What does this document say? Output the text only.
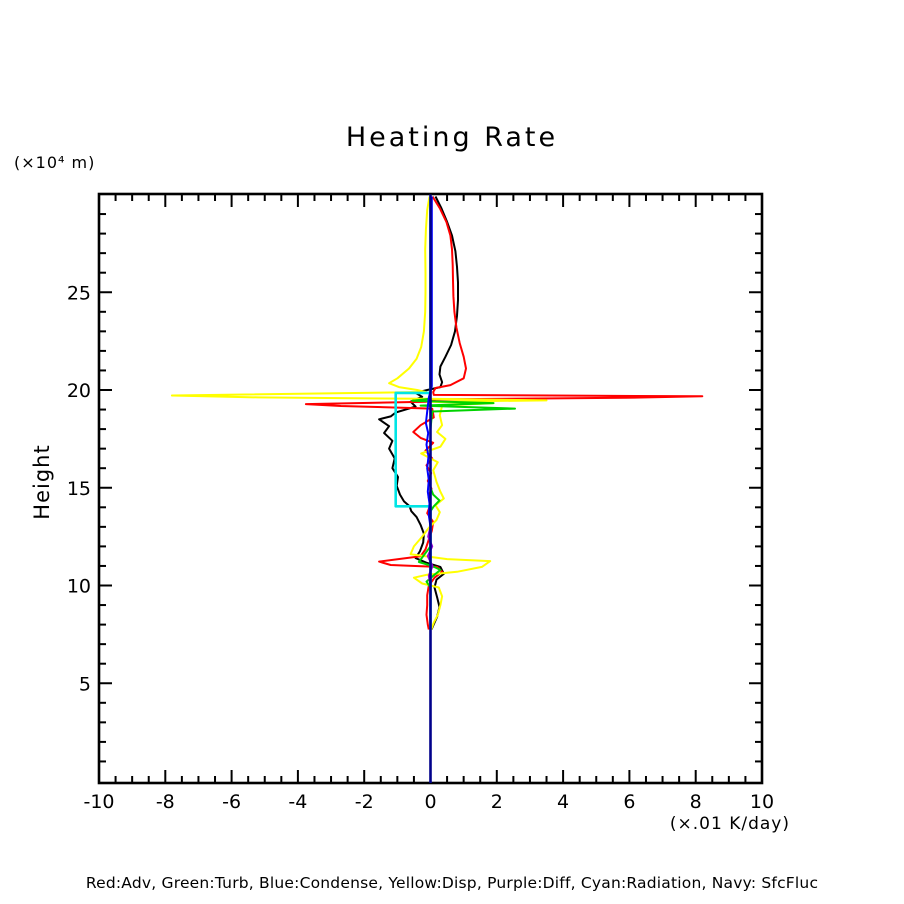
Heating Rate
(×10⁴ m)
Height
-10 -8 -6 -4 -2	0	2	4	6	8	10
5
10
15
20
25
(×.01 K/day)
Red:Adv, Green:Turb, Blue:Condense, Yellow:Disp, Purple:Diff, Cyan:Radiation, Navy: SfcFluc
